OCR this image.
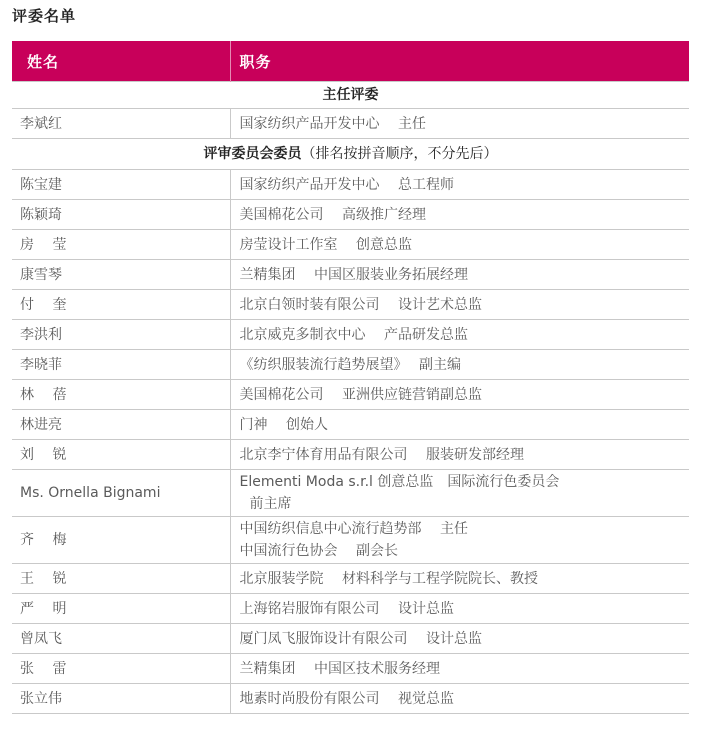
评委名单
姓名	职务
主任评委	
李斌红	国家纺织产品开发中心　 主任
评审委员会委员（排名按拼音顺序，不分先后）	
陈宝建	国家纺织产品开发中心　 总工程师
陈颖琦	美国棉花公司　 高级推广经理
房　 莹	房莹设计工作室　 创意总监
康雪琴	兰精集团　 中国区服装业务拓展经理
付　 奎	北京白领时装有限公司　 设计艺术总监
李洪利	北京威克多制衣中心　 产品研发总监
李晓菲	《纺织服装流行趋势展望》　 副主编
林　 蓓	美国棉花公司　 亚洲供应链营销副总监
林进亮	门神　 创始人
刘　 锐	北京李宁体育用品有限公司　 服装研发部经理
Ms. Ornella Bignami	Elementi Moda s.r.l 创意总监　国际流行色委员会
前主席

齐　 梅	中国纺织信息中心流行趋势部　 主任
中国流行色协会　 副会长

王　 锐	北京服装学院　 材料科学与工程学院院长、教授
严　 明	上海铭岩服饰有限公司　 设计总监
曾凤飞	厦门凤飞服饰设计有限公司　 设计总监
张　 雷	兰精集团　 中国区技术服务经理
张立伟	地素时尚股份有限公司　 视觉总监
